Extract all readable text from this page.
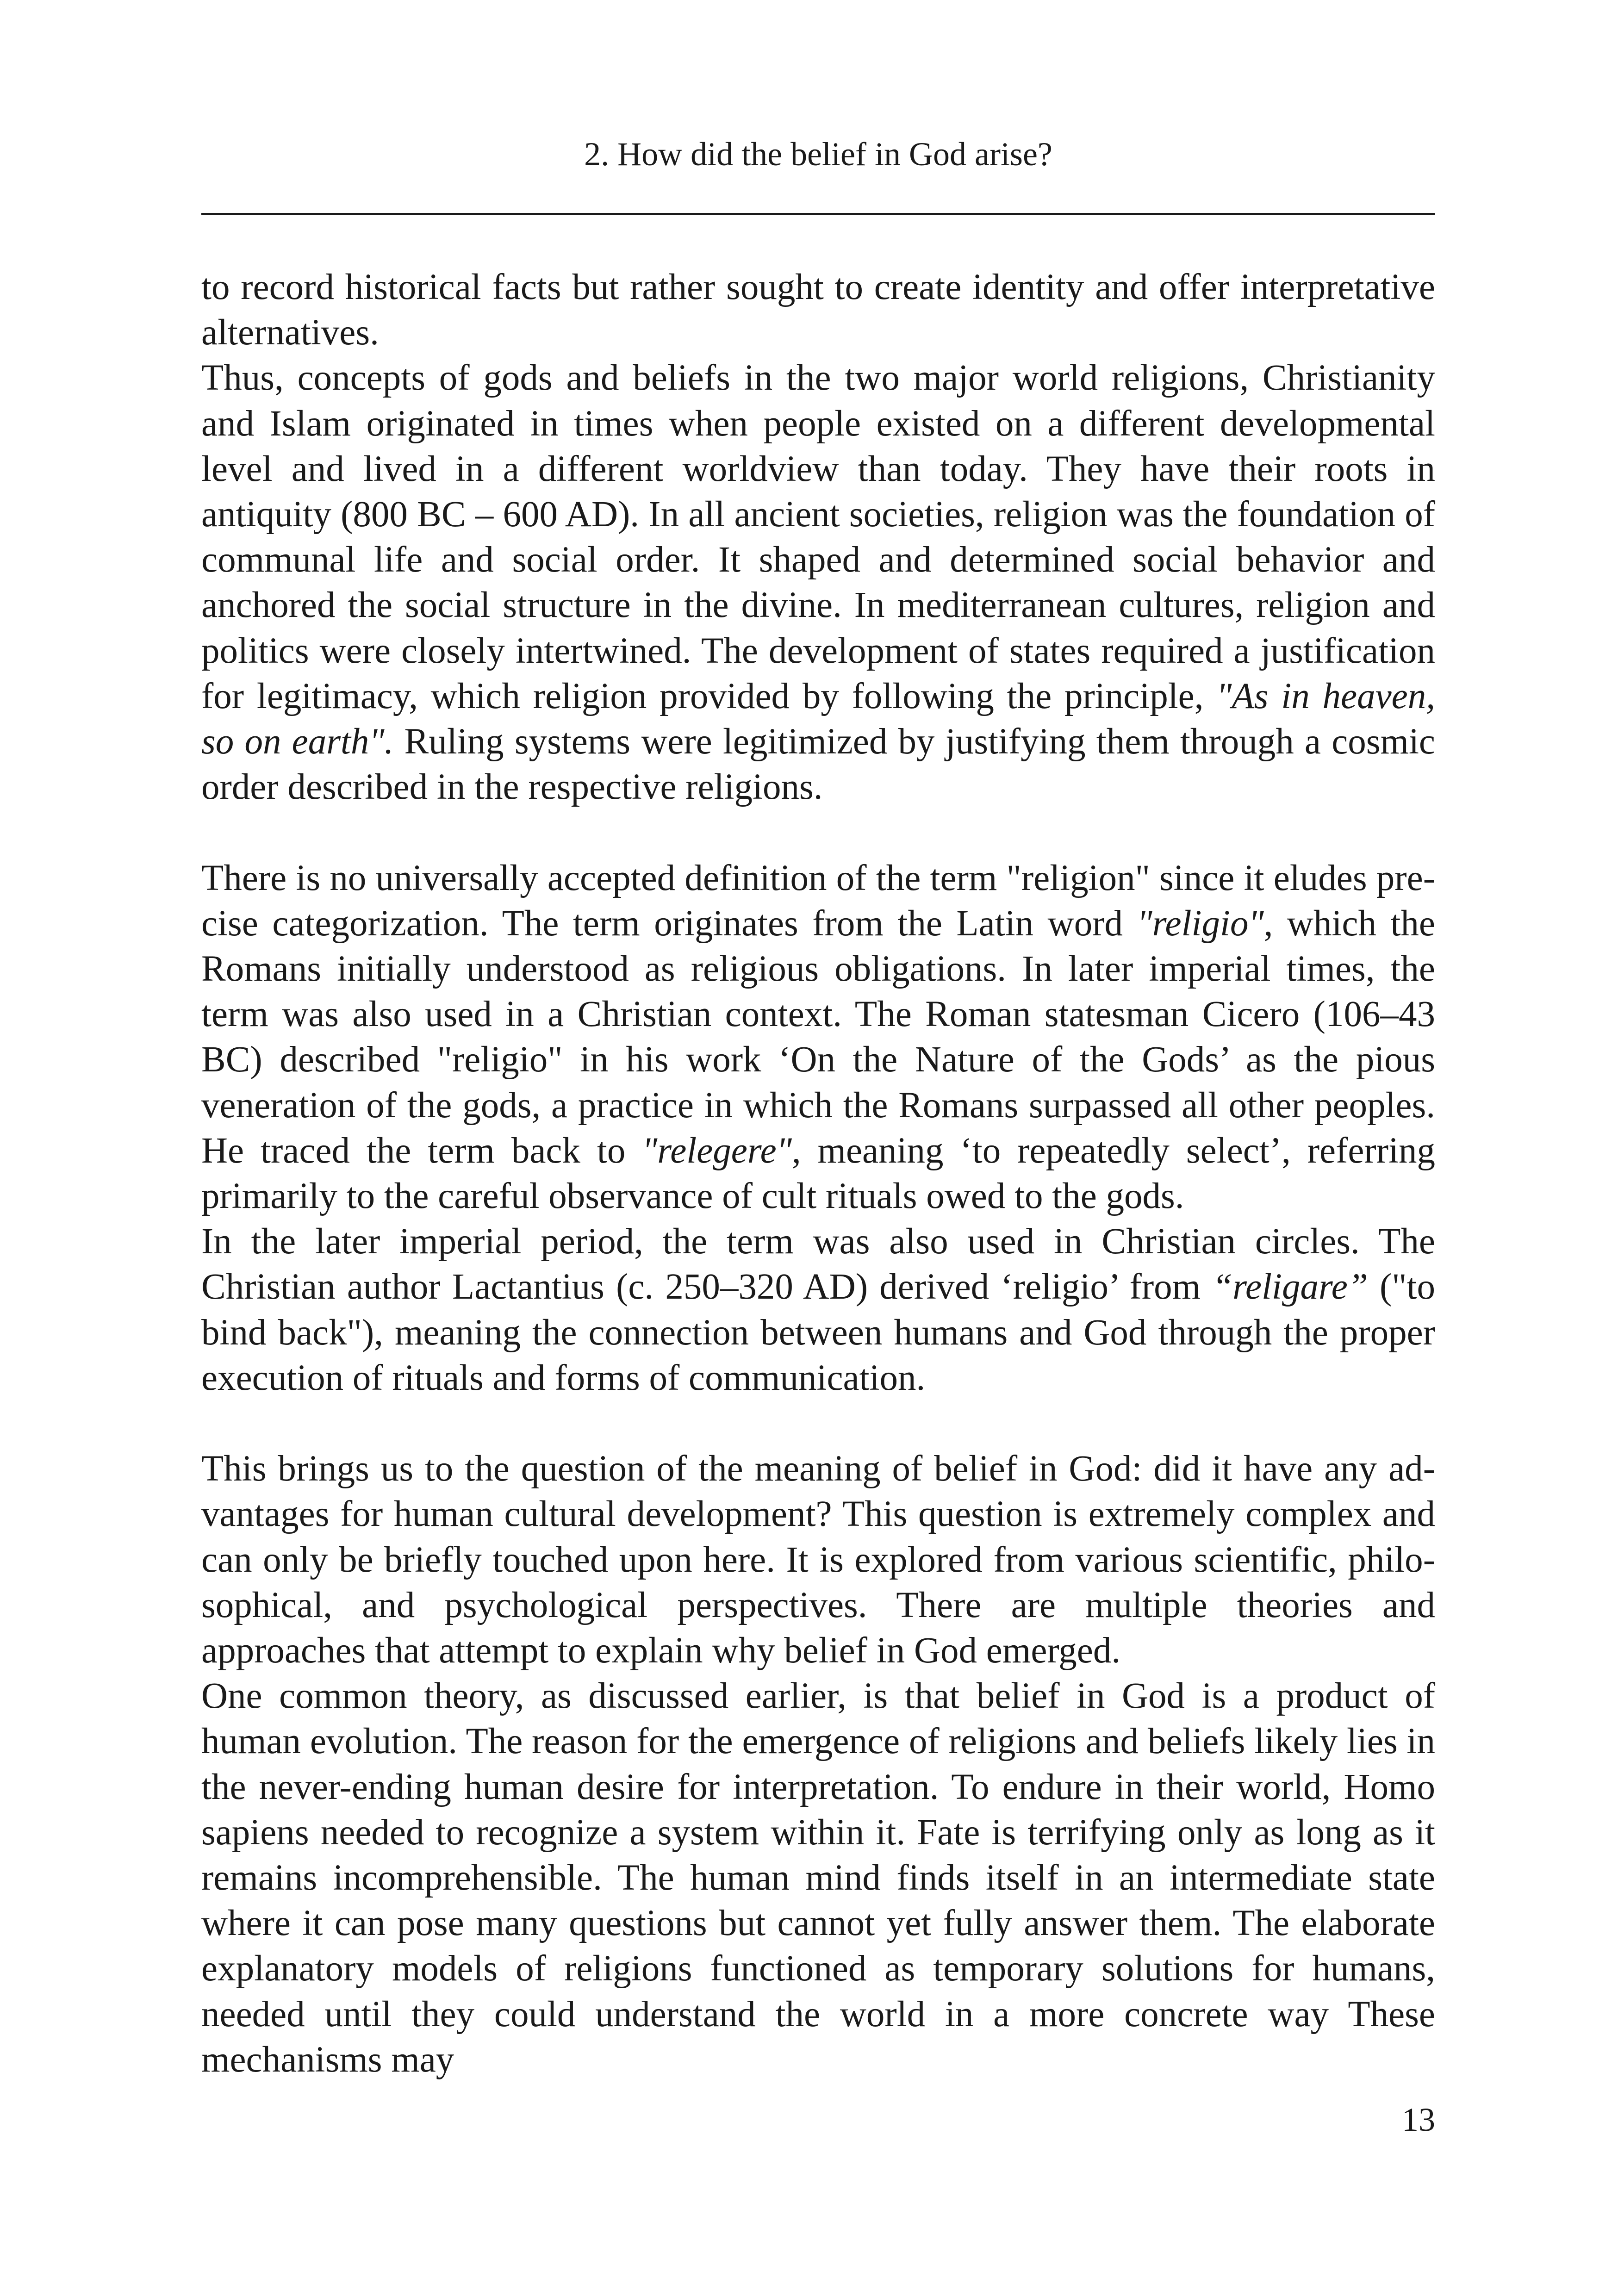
2. How did the belief in God arise?

to record historical facts but rather sought to create identity and offer interpretative alternatives.

Thus, concepts of gods and beliefs in the two major world religions, Christianity and Islam originated in times when people existed on a different developmental level and lived in a different worldview than today. They have their roots in antiquity (800 BC – 600 AD). In all ancient societies, religion was the foundation of communal life and social order. It shaped and determined social behavior and anchored the social structure in the divine. In mediterranean cultures, religion and politics were closely intertwined. The development of states required a justification for legitimacy, which religion provided by following the principle, "As in heaven, so on earth". Ruling systems were legitimized by justifying them through a cosmic order described in the respective religions.

There is no universally accepted definition of the term "religion" since it eludes precise categorization. The term originates from the Latin word "religio", which the Romans initially understood as religious obligations. In later imperial times, the term was also used in a Christian context. The Roman statesman Cicero (106–43 BC) described "religio" in his work ‘On the Nature of the Gods’ as the pious veneration of the gods, a practice in which the Romans surpassed all other peoples. He traced the term back to "relegere", meaning ‘to repeatedly select’, referring primarily to the careful observance of cult rituals owed to the gods.

In the later imperial period, the term was also used in Christian circles. The Christian author Lactantius (c. 250–320 AD) derived ‘religio’ from “religare” ("to bind back"), meaning the connection between humans and God through the proper execution of rituals and forms of communication.

This brings us to the question of the meaning of belief in God: did it have any advantages for human cultural development? This question is extremely complex and can only be briefly touched upon here. It is explored from various scientific, philosophical, and psychological perspectives. There are multiple theories and approaches that attempt to explain why belief in God emerged.

One common theory, as discussed earlier, is that belief in God is a product of human evolution. The reason for the emergence of religions and beliefs likely lies in the never-ending human desire for interpretation. To endure in their world, Homo sapiens needed to recognize a system within it. Fate is terrifying only as long as it remains incomprehensible. The human mind finds itself in an intermediate state where it can pose many questions but cannot yet fully answer them. The elaborate explanatory models of religions functioned as temporary solutions for humans, needed until they could understand the world in a more concrete way These mechanisms may

13
